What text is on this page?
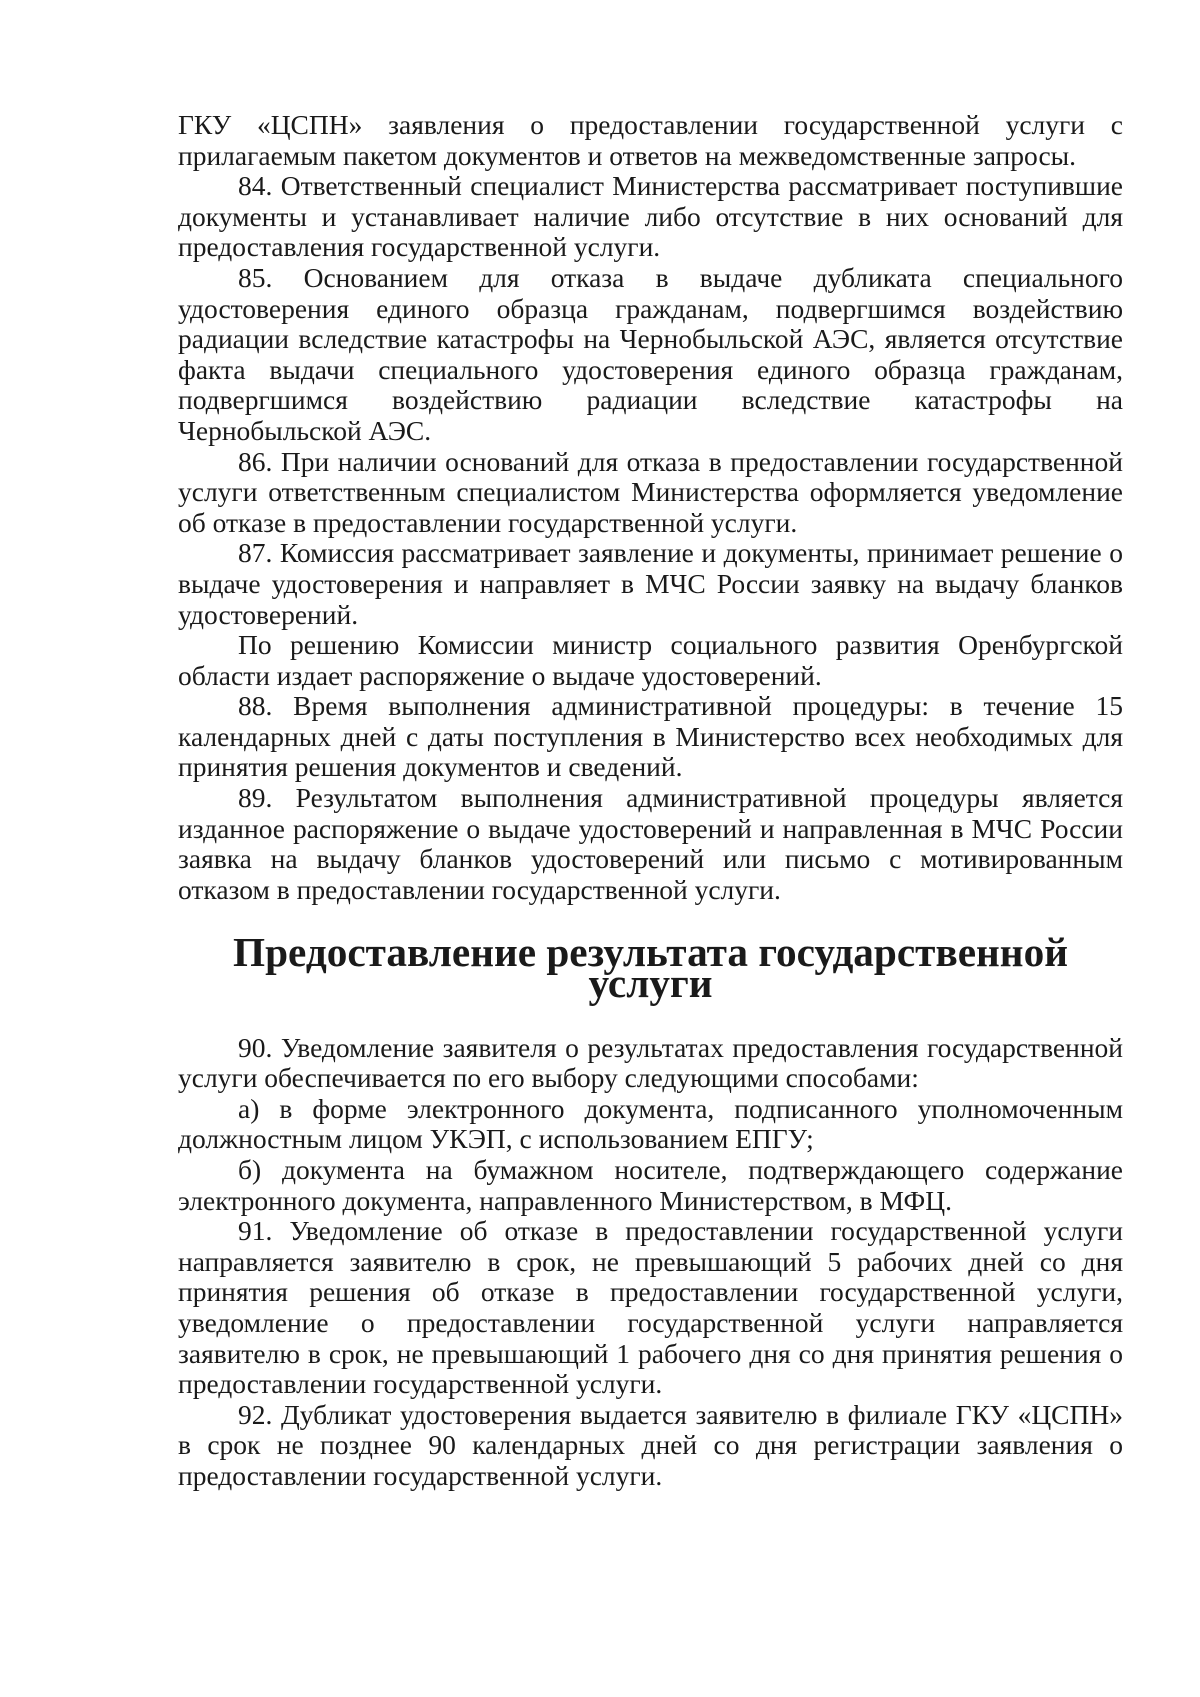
ГКУ «ЦСПН» заявления о предоставлении государственной услуги с прилагаемым пакетом документов и ответов на межведомственные запросы.

84. Ответственный специалист Министерства рассматривает поступившие документы и устанавливает наличие либо отсутствие в них оснований для предоставления государственной услуги.

85. Основанием для отказа в выдаче дубликата специального удостоверения единого образца гражданам, подвергшимся воздействию радиации вследствие катастрофы на Чернобыльской АЭС, является отсутствие факта выдачи специального удостоверения единого образца гражданам, подвергшимся воздействию радиации вследствие катастрофы на Чернобыльской АЭС.

86. При наличии оснований для отказа в предоставлении государственной услуги ответственным специалистом Министерства оформляется уведомление об отказе в предоставлении государственной услуги.

87. Комиссия рассматривает заявление и документы, принимает решение о выдаче удостоверения и направляет в МЧС России заявку на выдачу бланков удостоверений.

По решению Комиссии министр социального развития Оренбургской области издает распоряжение о выдаче удостоверений.

88. Время выполнения административной процедуры: в течение 15 календарных дней с даты поступления в Министерство всех необходимых для принятия решения документов и сведений.

89. Результатом выполнения административной процедуры является изданное распоряжение о выдаче удостоверений и направленная в МЧС России заявка на выдачу бланков удостоверений или письмо с мотивированным отказом в предоставлении государственной услуги.

Предоставление результата государственной услуги

90. Уведомление заявителя о результатах предоставления государственной услуги обеспечивается по его выбору следующими способами:

а) в форме электронного документа, подписанного уполномоченным должностным лицом УКЭП, с использованием ЕПГУ;

б) документа на бумажном носителе, подтверждающего содержание электронного документа, направленного Министерством, в МФЦ.

91. Уведомление об отказе в предоставлении государственной услуги направляется заявителю в срок, не превышающий 5 рабочих дней со дня принятия решения об отказе в предоставлении государственной услуги, уведомление о предоставлении государственной услуги направляется заявителю в срок, не превышающий 1 рабочего дня со дня принятия решения о предоставлении государственной услуги.

92. Дубликат удостоверения выдается заявителю в филиале ГКУ «ЦСПН» в срок не позднее 90 календарных дней со дня регистрации заявления о предоставлении государственной услуги.
